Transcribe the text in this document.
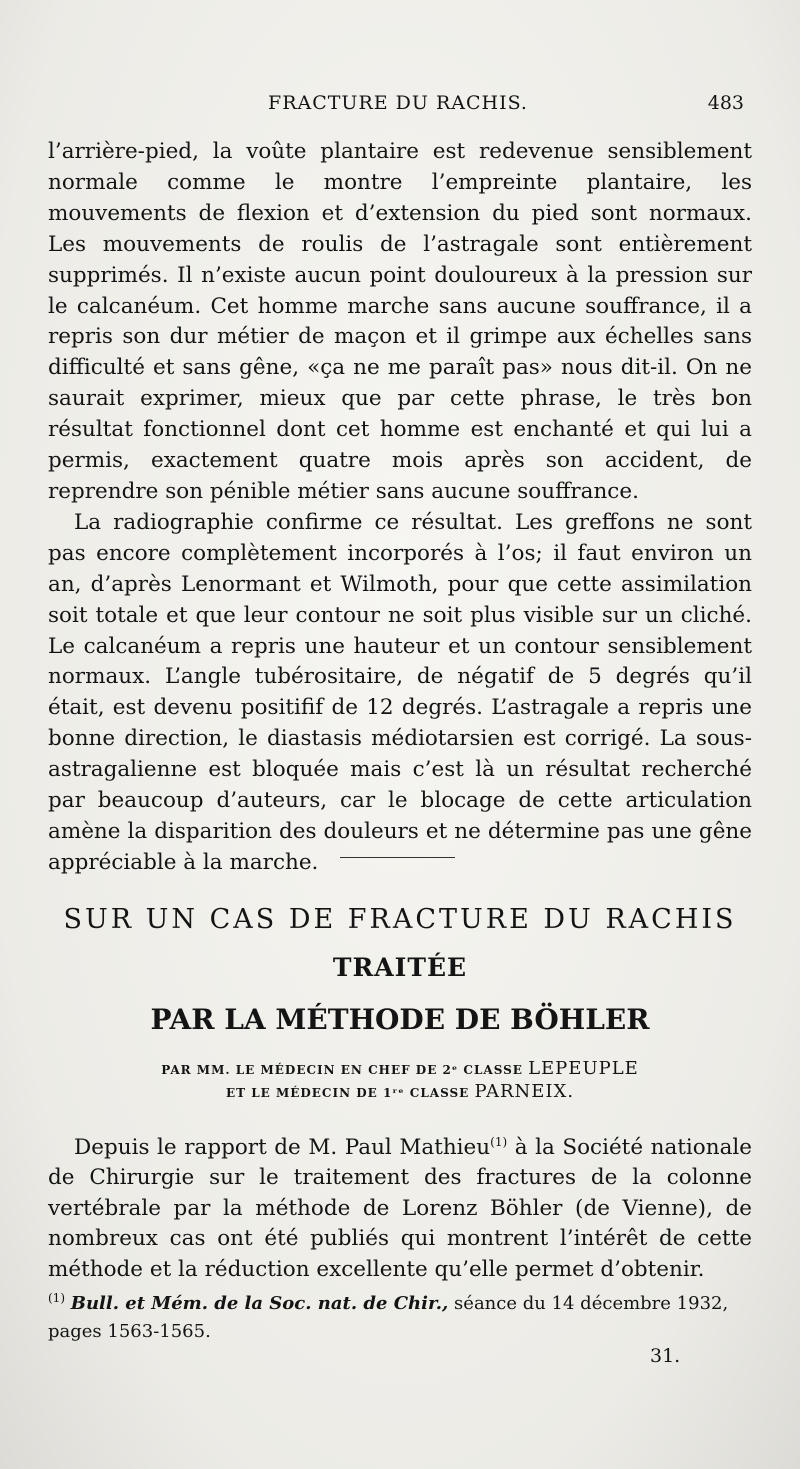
FRACTURE DU RACHIS.	483

l’arrière-pied, la voûte plantaire est redevenue sensiblement normale comme le montre l’empreinte plantaire, les mouvements de flexion et d’extension du pied sont normaux. Les mouvements de roulis de l’astragale sont entièrement supprimés. Il n’existe aucun point douloureux à la pression sur le calcanéum. Cet homme marche sans aucune souffrance, il a repris son dur métier de maçon et il grimpe aux échelles sans difficulté et sans gêne, «ça ne me paraît pas» nous dit-il. On ne saurait exprimer, mieux que par cette phrase, le très bon résultat fonctionnel dont cet homme est enchanté et qui lui a permis, exactement quatre mois après son accident, de reprendre son pénible métier sans aucune souffrance.

La radiographie confirme ce résultat. Les greffons ne sont pas encore complètement incorporés à l’os; il faut environ un an, d’après Lenormant et Wilmoth, pour que cette assimilation soit totale et que leur contour ne soit plus visible sur un cliché. Le calcanéum a repris une hauteur et un contour sensiblement normaux. L’angle tubérositaire, de négatif de 5 degrés qu’il était, est devenu positifif de 12 degrés. L’astragale a repris une bonne direction, le diastasis médiotarsien est corrigé. La sous-astragalienne est bloquée mais c’est là un résultat recherché par beaucoup d’auteurs, car le blocage de cette articulation amène la disparition des douleurs et ne détermine pas une gêne appréciable à la marche.

SUR UN CAS DE FRACTURE DU RACHIS
TRAITÉE
PAR LA MÉTHODE DE BÖHLER
PAR MM. LE MÉDECIN EN CHEF DE 2ᵉ CLASSE LEPEUPLE
ET LE MÉDECIN DE 1ʳᵉ CLASSE PARNEIX.

Depuis le rapport de M. Paul Mathieu$^{(1)}$ à la Société nationale de Chirurgie sur le traitement des fractures de la colonne vertébrale par la méthode de Lorenz Böhler (de Vienne), de nombreux cas ont été publiés qui montrent l’intérêt de cette méthode et la réduction excellente qu’elle permet d’obtenir.

$^{(1)}$ Bull. et Mém. de la Soc. nat. de Chir., séance du 14 décembre 1932, pages 1563-1565.
31.
